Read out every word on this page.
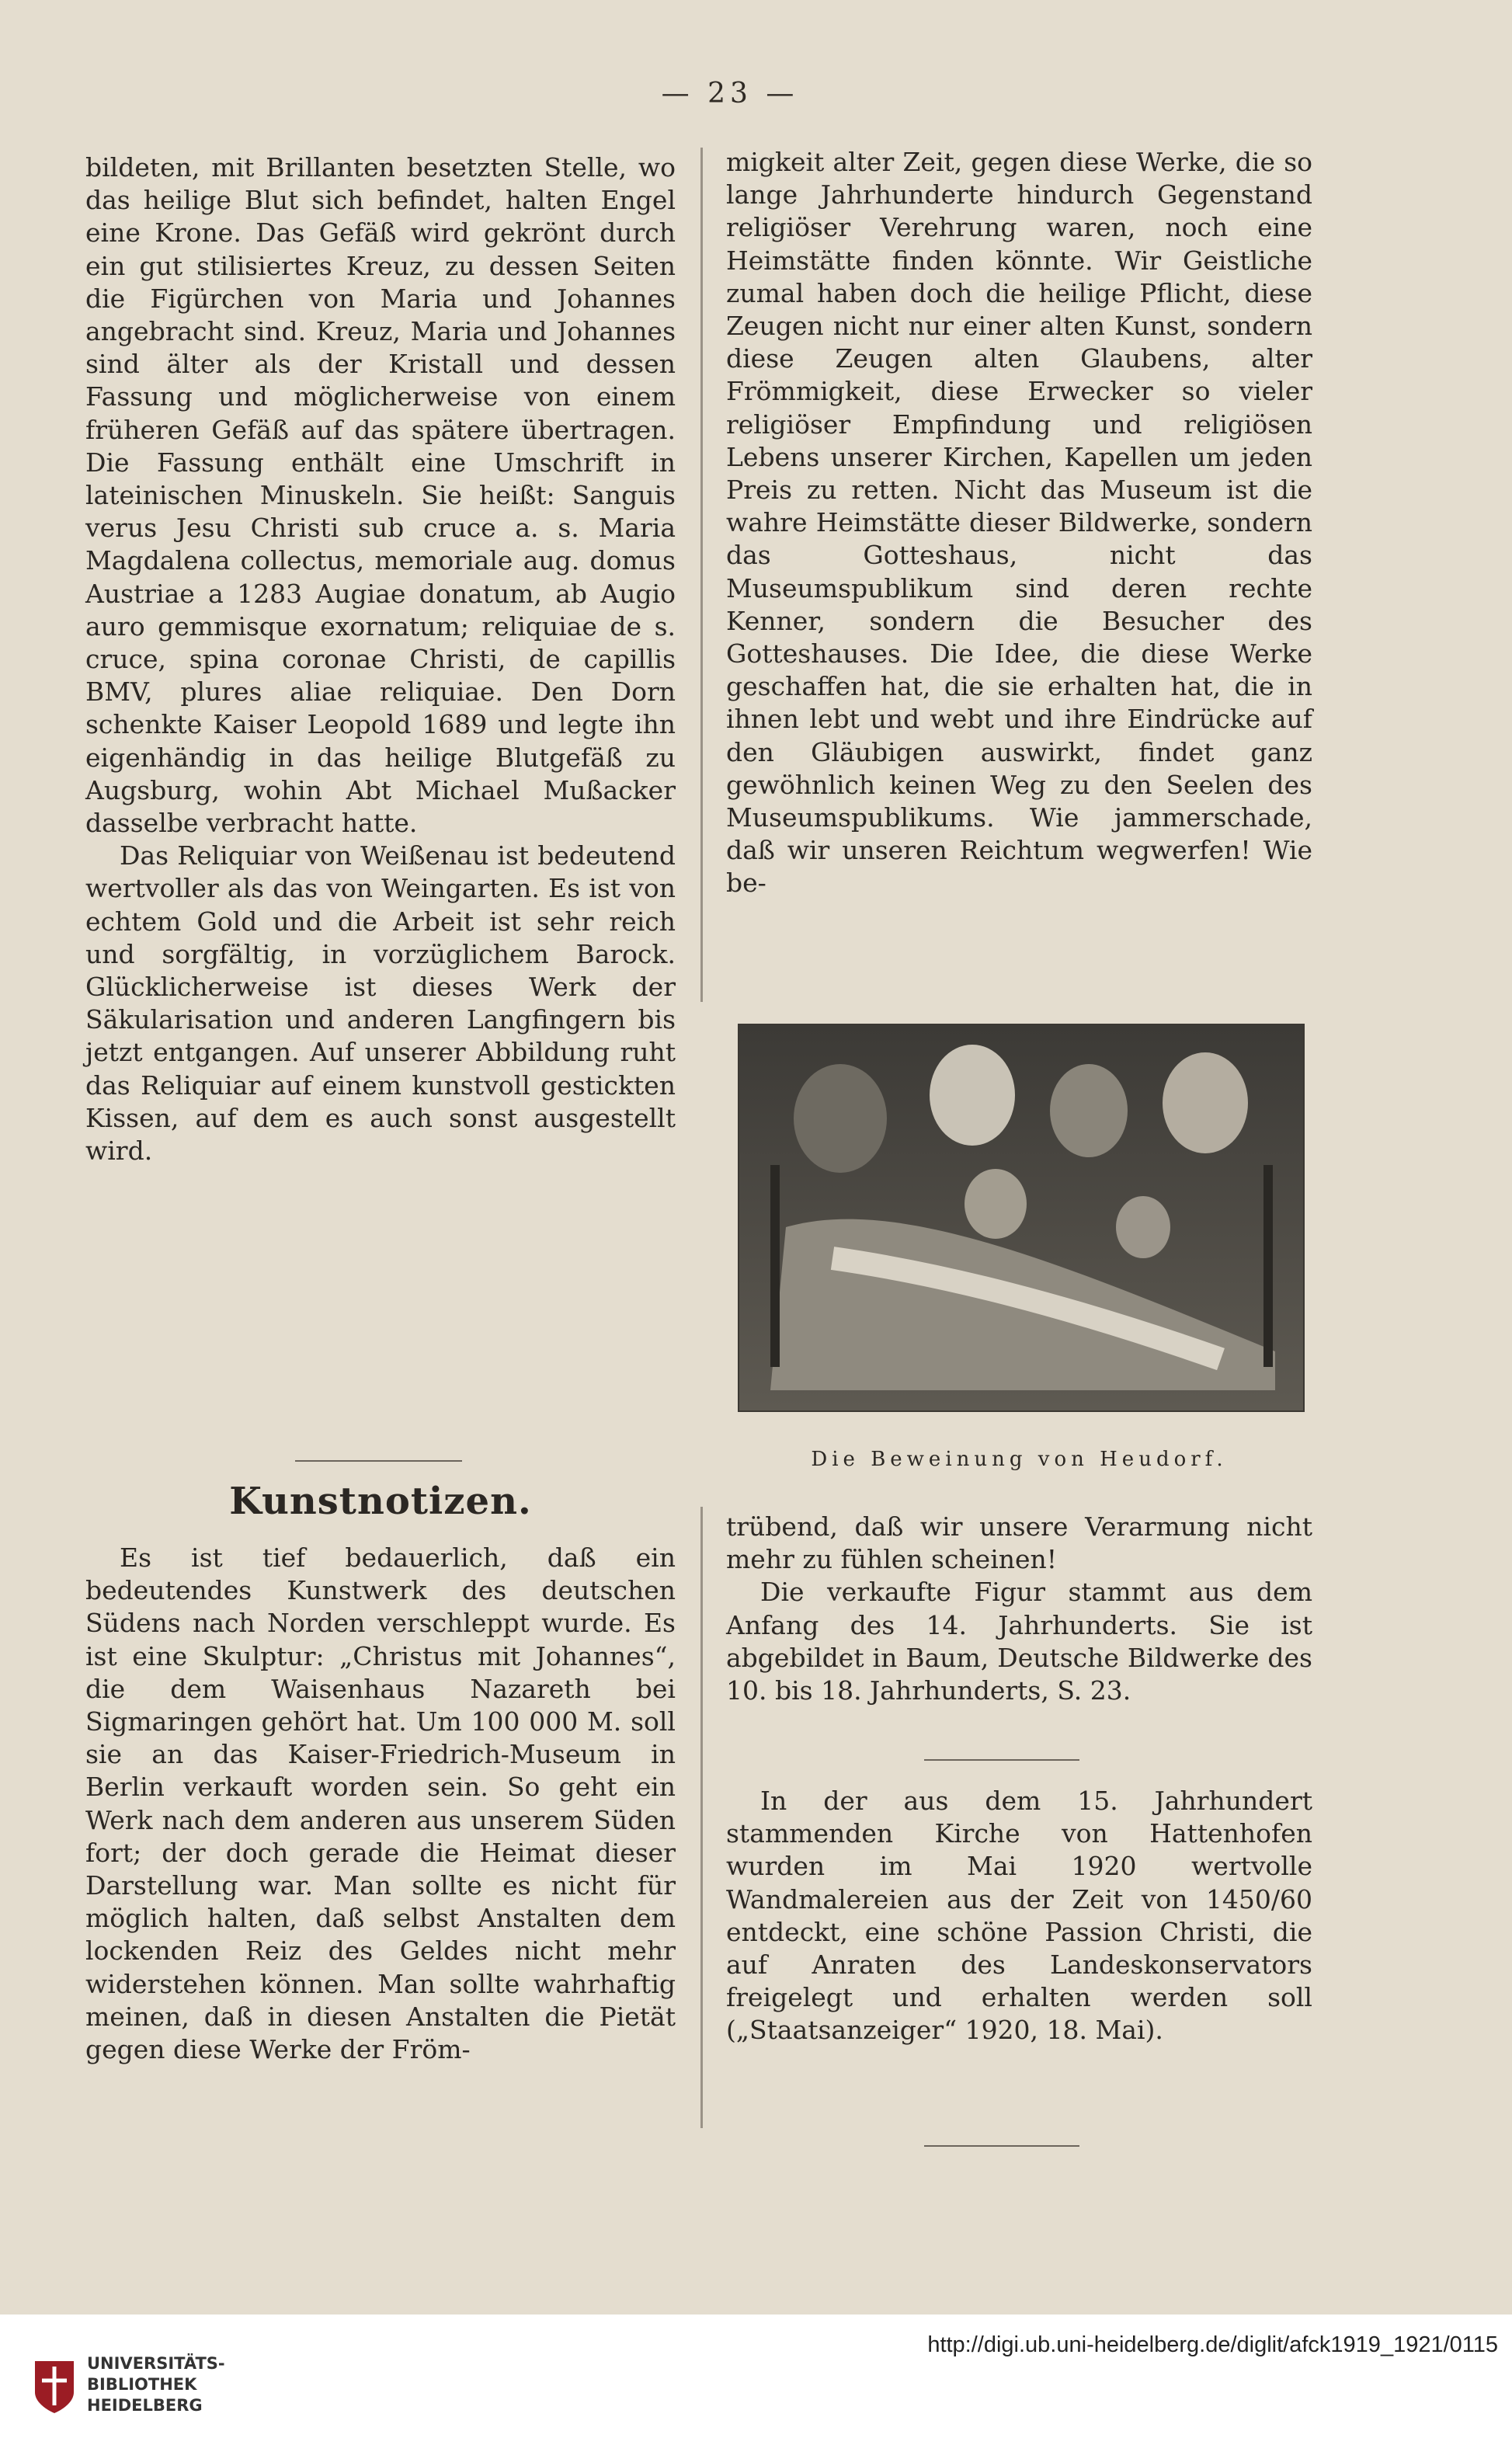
— 23 —

bildeten, mit Brillanten besetzten Stelle, wo das heilige Blut sich befindet, halten Engel eine Krone. Das Gefäß wird gekrönt durch ein gut stilisiertes Kreuz, zu dessen Seiten die Figürchen von Maria und Johannes angebracht sind. Kreuz, Maria und Johannes sind älter als der Kristall und dessen Fassung und möglicherweise von einem früheren Gefäß auf das spätere übertragen. Die Fassung enthält eine Umschrift in lateinischen Minuskeln. Sie heißt: Sanguis verus Jesu Christi sub cruce a. s. Maria Magdalena collectus, memoriale aug. domus Austriae a 1283 Augiae donatum, ab Augio auro gemmisque exornatum; reliquiae de s. cruce, spina coronae Christi, de capillis BMV, plures aliae reliquiae. Den Dorn schenkte Kaiser Leopold 1689 und legte ihn eigenhändig in das heilige Blutgefäß zu Augsburg, wohin Abt Michael Mußacker dasselbe verbracht hatte.

Das Reliquiar von Weißenau ist bedeutend wertvoller als das von Weingarten. Es ist von echtem Gold und die Arbeit ist sehr reich und sorgfältig, in vorzüglichem Barock. Glücklicherweise ist dieses Werk der Säkularisation und anderen Langfingern bis jetzt entgangen. Auf unserer Abbildung ruht das Reliquiar auf einem kunstvoll gestickten Kissen, auf dem es auch sonst ausgestellt wird.

Kunstnotizen.

Es ist tief bedauerlich, daß ein bedeutendes Kunstwerk des deutschen Südens nach Norden verschleppt wurde. Es ist eine Skulptur: „Christus mit Johannes“, die dem Waisenhaus Nazareth bei Sigmaringen gehört hat. Um 100 000 M. soll sie an das Kaiser-Friedrich-Museum in Berlin verkauft worden sein. So geht ein Werk nach dem anderen aus unserem Süden fort; der doch gerade die Heimat dieser Darstellung war. Man sollte es nicht für möglich halten, daß selbst Anstalten dem lockenden Reiz des Geldes nicht mehr widerstehen können. Man sollte wahrhaftig meinen, daß in diesen Anstalten die Pietät gegen diese Werke der Fröm-

migkeit alter Zeit, gegen diese Werke, die so lange Jahrhunderte hindurch Gegenstand religiöser Verehrung waren, noch eine Heimstätte finden könnte. Wir Geistliche zumal haben doch die heilige Pflicht, diese Zeugen nicht nur einer alten Kunst, sondern diese Zeugen alten Glaubens, alter Frömmigkeit, diese Erwecker so vieler religiöser Empfindung und religiösen Lebens unserer Kirchen, Kapellen um jeden Preis zu retten. Nicht das Museum ist die wahre Heimstätte dieser Bildwerke, sondern das Gotteshaus, nicht das Museumspublikum sind deren rechte Kenner, sondern die Besucher des Gotteshauses. Die Idee, die diese Werke geschaffen hat, die sie erhalten hat, die in ihnen lebt und webt und ihre Eindrücke auf den Gläubigen auswirkt, findet ganz gewöhnlich keinen Weg zu den Seelen des Museumspublikums. Wie jammerschade, daß wir unseren Reichtum wegwerfen! Wie be-

Die Beweinung von Heudorf.

trübend, daß wir unsere Verarmung nicht mehr zu fühlen scheinen!

Die verkaufte Figur stammt aus dem Anfang des 14. Jahrhunderts. Sie ist abgebildet in Baum, Deutsche Bildwerke des 10. bis 18. Jahrhunderts, S. 23.

In der aus dem 15. Jahrhundert stammenden Kirche von Hattenhofen wurden im Mai 1920 wertvolle Wandmalereien aus der Zeit von 1450/60 entdeckt, eine schöne Passion Christi, die auf Anraten des Landeskonservators freigelegt und erhalten werden soll („Staatsanzeiger“ 1920, 18. Mai).

UNIVERSITÄTS-
BIBLIOTHEK
HEIDELBERG
http://digi.ub.uni-heidelberg.de/diglit/afck1919_1921/0115
